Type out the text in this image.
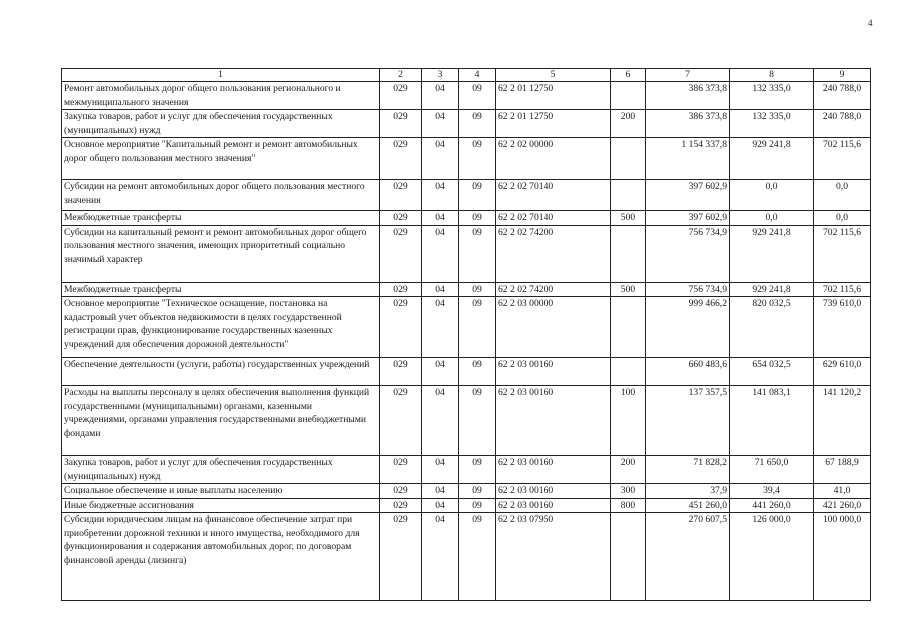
4
1	2	3	4	5	6	7	8	9
Ремонт автомобильных дорог общего пользования регионального и межмуниципального значения	029	04	09	62 2 01 12750		386 373,8	132 335,0	240 788,0
Закупка товаров, работ и услуг для обеспечения государственных (муниципальных) нужд	029	04	09	62 2 01 12750	200	386 373,8	132 335,0	240 788,0
Основное мероприятие "Капитальный ремонт и ремонт автомобильных дорог общего пользования местного значения"	029	04	09	62 2 02 00000		1 154 337,8	929 241,8	702 115,6
Субсидии на ремонт автомобильных дорог общего пользования местного значения	029	04	09	62 2 02 70140		397 602,9	0,0	0,0
Межбюджетные трансферты	029	04	09	62 2 02 70140	500	397 602,9	0,0	0,0
Субсидии на капитальный ремонт и ремонт автомобильных дорог общего пользования местного значения, имеющих приоритетный социально значимый характер	029	04	09	62 2 02 74200		756 734,9	929 241,8	702 115,6
Межбюджетные трансферты	029	04	09	62 2 02 74200	500	756 734,9	929 241,8	702 115,6
Основное мероприятие "Техническое оснащение, постановка на кадастровый учет объектов недвижимости в целях государственной регистрации прав, функционирование государственных казенных учреждений для обеспечения дорожной деятельности"	029	04	09	62 2 03 00000		999 466,2	820 032,5	739 610,0
Обеспечение деятельности (услуги, работы) государственных учреждений	029	04	09	62 2 03 00160		660 483,6	654 032,5	629 610,0
Расходы на выплаты персоналу в целях обеспечения выполнения функций государственными (муниципальными) органами, казенными учреждениями, органами управления государственными внебюджетными фондами	029	04	09	62 2 03 00160	100	137 357,5	141 083,1	141 120,2
Закупка товаров, работ и услуг для обеспечения государственных (муниципальных) нужд	029	04	09	62 2 03 00160	200	71 828,2	71 650,0	67 188,9
Социальное обеспечение и иные выплаты населению	029	04	09	62 2 03 00160	300	37,9	39,4	41,0
Иные бюджетные ассигнования	029	04	09	62 2 03 00160	800	451 260,0	441 260,0	421 260,0
Субсидии юридическим лицам на финансовое обеспечение затрат при приобретении дорожной техники и иного имущества, необходимого для функционирования и содержания автомобильных дорог, по договорам финансовой аренды (лизинга)	029	04	09	62 2 03 07950		270 607,5	126 000,0	100 000,0
